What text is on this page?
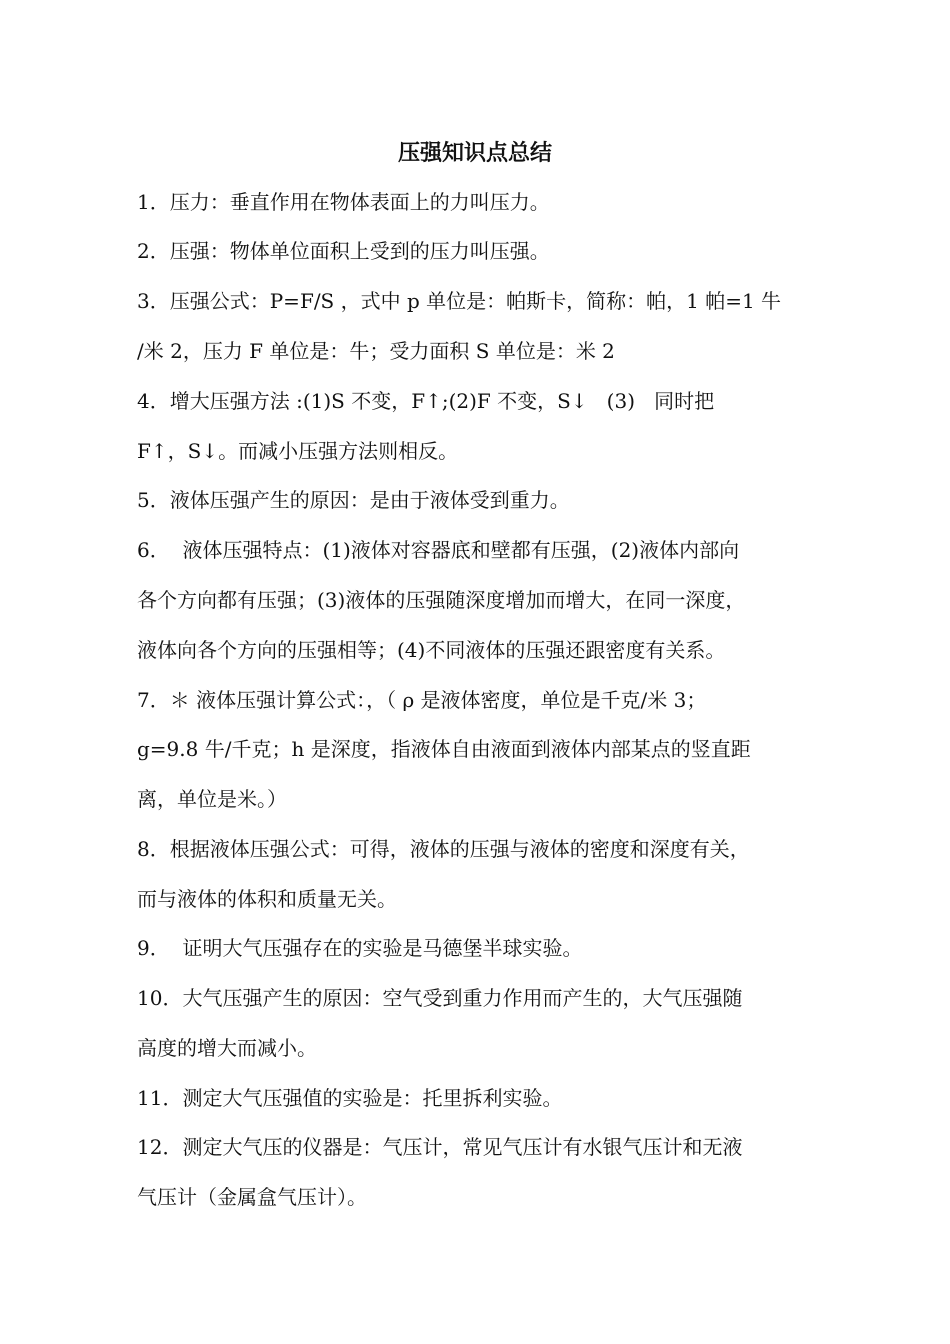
压强知识点总结

1．压力：垂直作用在物体表面上的力叫压力。

2．压强：物体单位面积上受到的压力叫压强。

3．压强公式：P=F/S ，式中 p 单位是：帕斯卡，简称：帕，1 帕=1 牛

/米 2，压力 F 单位是：牛；受力面积 S 单位是：米 2

4．增大压强方法 :(1)S 不变，F↑;(2)F 不变，S↓   (3)   同时把

F↑，S↓。而减小压强方法则相反。

5．液体压强产生的原因：是由于液体受到重力。

6．  液体压强特点：(1)液体对容器底和壁都有压强，(2)液体内部向

各个方向都有压强；(3)液体的压强随深度增加而增大，在同一深度，

液体向各个方向的压强相等；(4)不同液体的压强还跟密度有关系。

7．＊ 液体压强计算公式：，（ ρ 是液体密度，单位是千克/米 3；

g=9.8 牛/千克；h 是深度，指液体自由液面到液体内部某点的竖直距

离，单位是米。）

8．根据液体压强公式：可得，液体的压强与液体的密度和深度有关，

而与液体的体积和质量无关。

9．  证明大气压强存在的实验是马德堡半球实验。

10．大气压强产生的原因：空气受到重力作用而产生的，大气压强随

高度的增大而减小。

11．测定大气压强值的实验是：托里拆利实验。

12．测定大气压的仪器是：气压计，常见气压计有水银气压计和无液

气压计（金属盒气压计）。
